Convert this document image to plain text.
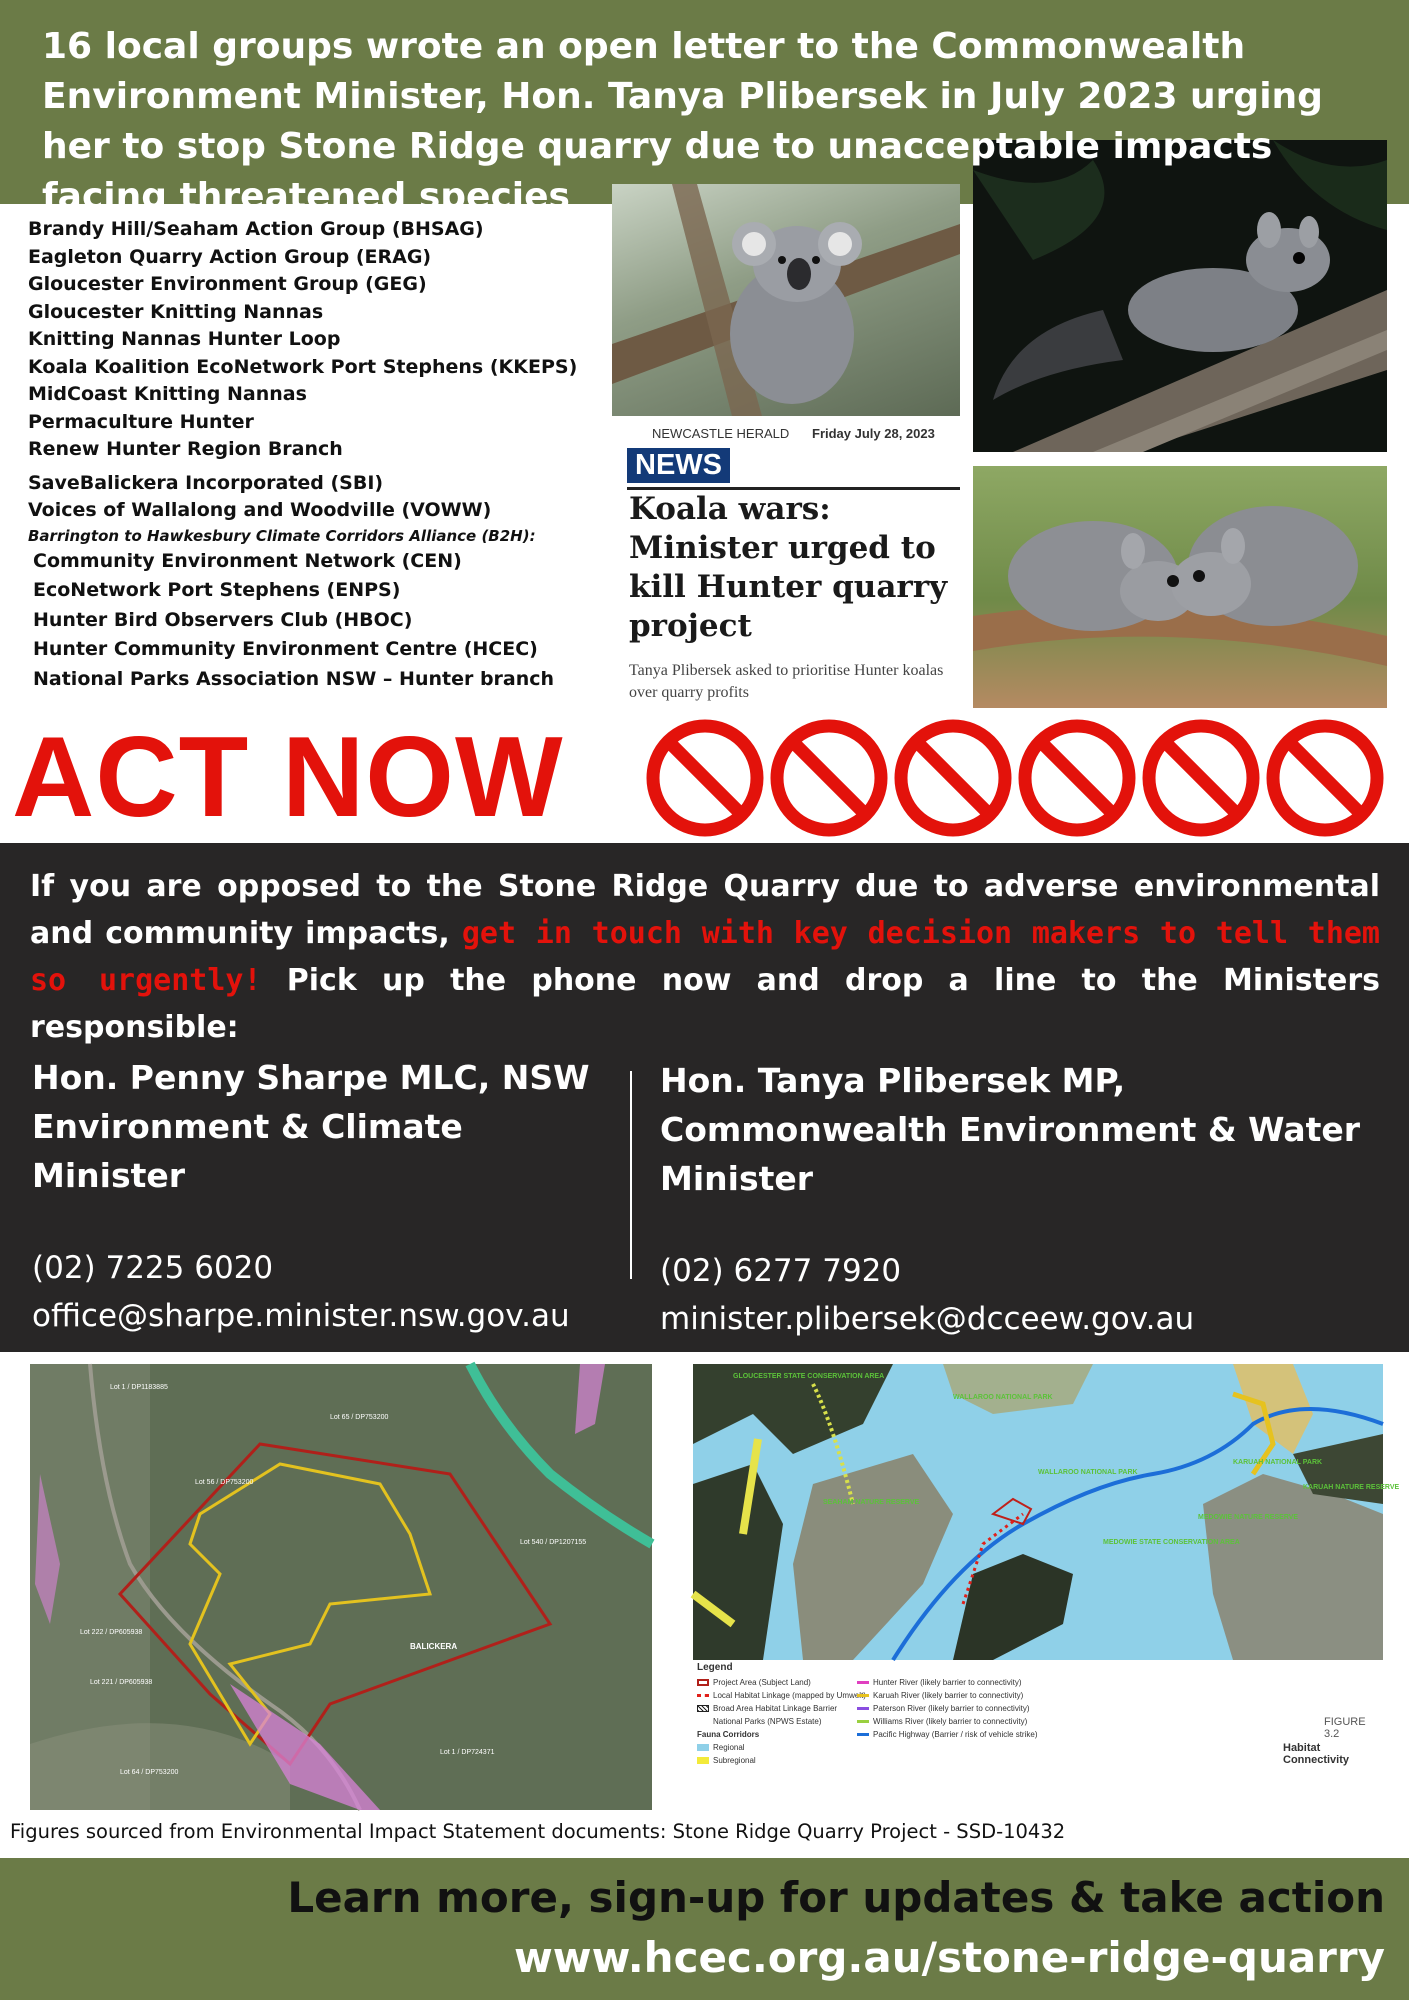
16 local groups wrote an open letter to the Commonwealth Environment Minister, Hon. Tanya Plibersek in July 2023 urging her to stop Stone Ridge quarry due to unacceptable impacts facing threatened species
Brandy Hill/Seaham Action Group (BHSAG)
Eagleton Quarry Action Group (ERAG)
Gloucester Environment Group (GEG)
Gloucester Knitting Nannas
Knitting Nannas Hunter Loop
Koala Koalition EcoNetwork Port Stephens (KKEPS)
MidCoast Knitting Nannas
Permaculture Hunter
Renew Hunter Region Branch
SaveBalickera Incorporated (SBI)
Voices of Wallalong and Woodville (VOWW)
Barrington to Hawkesbury Climate Corridors Alliance (B2H):
Community Environment Network (CEN)
EcoNetwork Port Stephens (ENPS)
Hunter Bird Observers Club (HBOC)
Hunter Community Environment Centre (HCEC)
National Parks Association NSW – Hunter branch
NEWCASTLE HERALD Friday July 28, 2023
NEWS
Koala wars: Minister urged to kill Hunter quarry project
Tanya Plibersek asked to prioritise Hunter koalas over quarry profits
ACT NOW
If you are opposed to the Stone Ridge Quarry due to adverse environmental and community impacts, get in touch with key decision makers to tell them so urgently! Pick up the phone now and drop a line to the Ministers responsible:
Hon. Penny Sharpe MLC, NSW Environment & Climate Minister
(02) 7225 6020
office@sharpe.minister.nsw.gov.au
Hon. Tanya Plibersek MP, Commonwealth Environment & Water Minister
(02) 6277 7920
minister.plibersek@dcceew.gov.au
Lot 1 / DP1183885
Lot 65 / DP753200
Lot 56 / DP753200
Lot 540 / DP1207155
Lot 222 / DP605938
Lot 221 / DP605938
BALICKERA
Lot 1 / DP724371
Lot 64 / DP753200
GLOUCESTER STATE CONSERVATION AREA
WALLAROO NATIONAL PARK
SEAHAM NATURE RESERVE
WALLAROO NATIONAL PARK
MEDOWIE STATE CONSERVATION AREA
MEDOWIE NATURE RESERVE
KARUAH NATIONAL PARK
KARUAH NATURE RESERVE
Legend
Project Area (Subject Land)
Local Habitat Linkage (mapped by Umwelt)
Broad Area Habitat Linkage Barrier
National Parks (NPWS Estate)
Fauna Corridors
Regional
Subregional
Hunter River (likely barrier to connectivity)
Karuah River (likely barrier to connectivity)
Paterson River (likely barrier to connectivity)
Williams River (likely barrier to connectivity)
Pacific Highway (Barrier / risk of vehicle strike)
FIGURE 3.2
Habitat Connectivity
Figures sourced from Environmental Impact Statement documents: Stone Ridge Quarry Project - SSD-10432
Learn more, sign-up for updates & take action
www.hcec.org.au/stone-ridge-quarry
